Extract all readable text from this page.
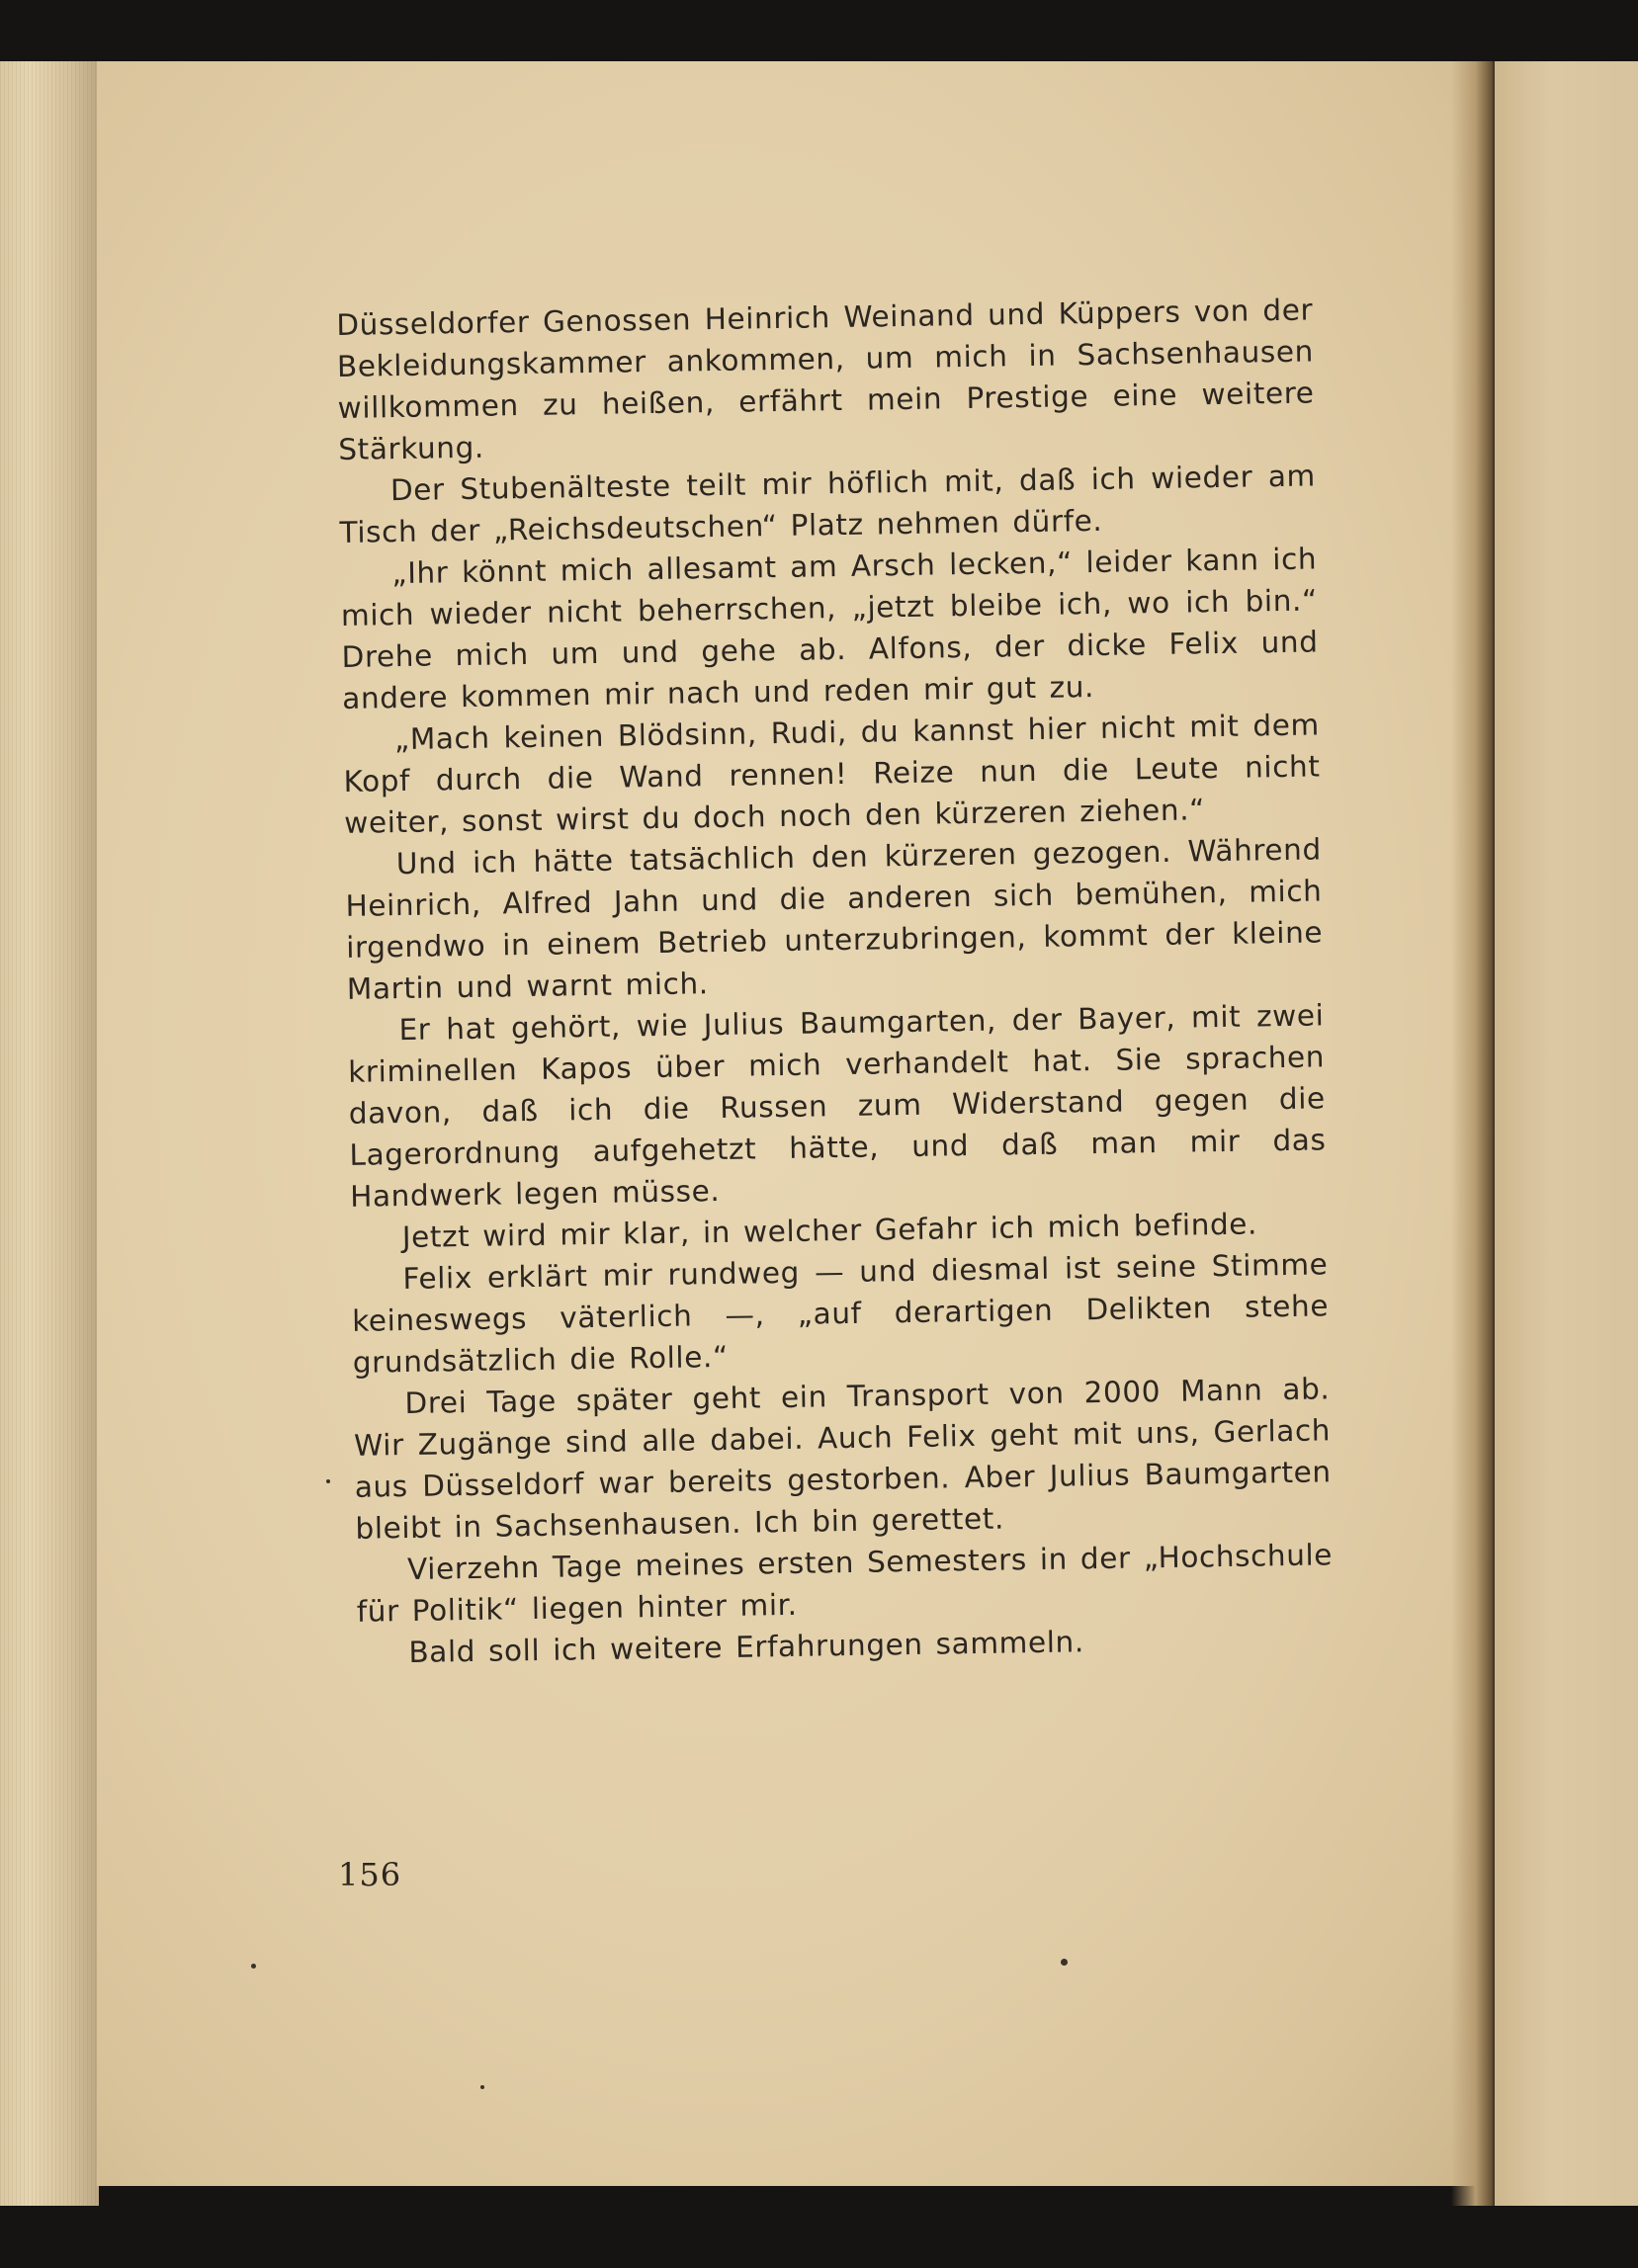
Düsseldorfer Genossen Heinrich Weinand und Küppers von der Bekleidungskammer ankommen, um mich in Sachsenhausen willkommen zu heißen, erfährt mein Prestige eine weitere Stärkung.

Der Stubenälteste teilt mir höflich mit, daß ich wieder am Tisch der „Reichsdeutschen“ Platz nehmen dürfe.

„Ihr könnt mich allesamt am Arsch lecken,“ leider kann ich mich wieder nicht beherrschen, „jetzt bleibe ich, wo ich bin.“ Drehe mich um und gehe ab. Alfons, der dicke Felix und andere kommen mir nach und reden mir gut zu.

„Mach keinen Blödsinn, Rudi, du kannst hier nicht mit dem Kopf durch die Wand rennen! Reize nun die Leute nicht weiter, sonst wirst du doch noch den kürzeren ziehen.“

Und ich hätte tatsächlich den kürzeren gezogen. Während Heinrich, Alfred Jahn und die anderen sich bemühen, mich irgendwo in einem Betrieb unterzubringen, kommt der kleine Martin und warnt mich.

Er hat gehört, wie Julius Baumgarten, der Bayer, mit zwei kriminellen Kapos über mich verhandelt hat. Sie sprachen davon, daß ich die Russen zum Widerstand gegen die Lagerordnung aufgehetzt hätte, und daß man mir das Handwerk legen müsse.

Jetzt wird mir klar, in welcher Gefahr ich mich befinde.

Felix erklärt mir rundweg — und diesmal ist seine Stimme keineswegs väterlich —, „auf derartigen Delikten stehe grundsätzlich die Rolle.“

Drei Tage später geht ein Transport von 2000 Mann ab. Wir Zugänge sind alle dabei. Auch Felix geht mit uns, Gerlach aus Düsseldorf war bereits gestorben. Aber Julius Baumgarten bleibt in Sachsenhausen. Ich bin gerettet.

Vierzehn Tage meines ersten Semesters in der „Hochschule für Politik“ liegen hinter mir.

Bald soll ich weitere Erfahrungen sammeln.

156
